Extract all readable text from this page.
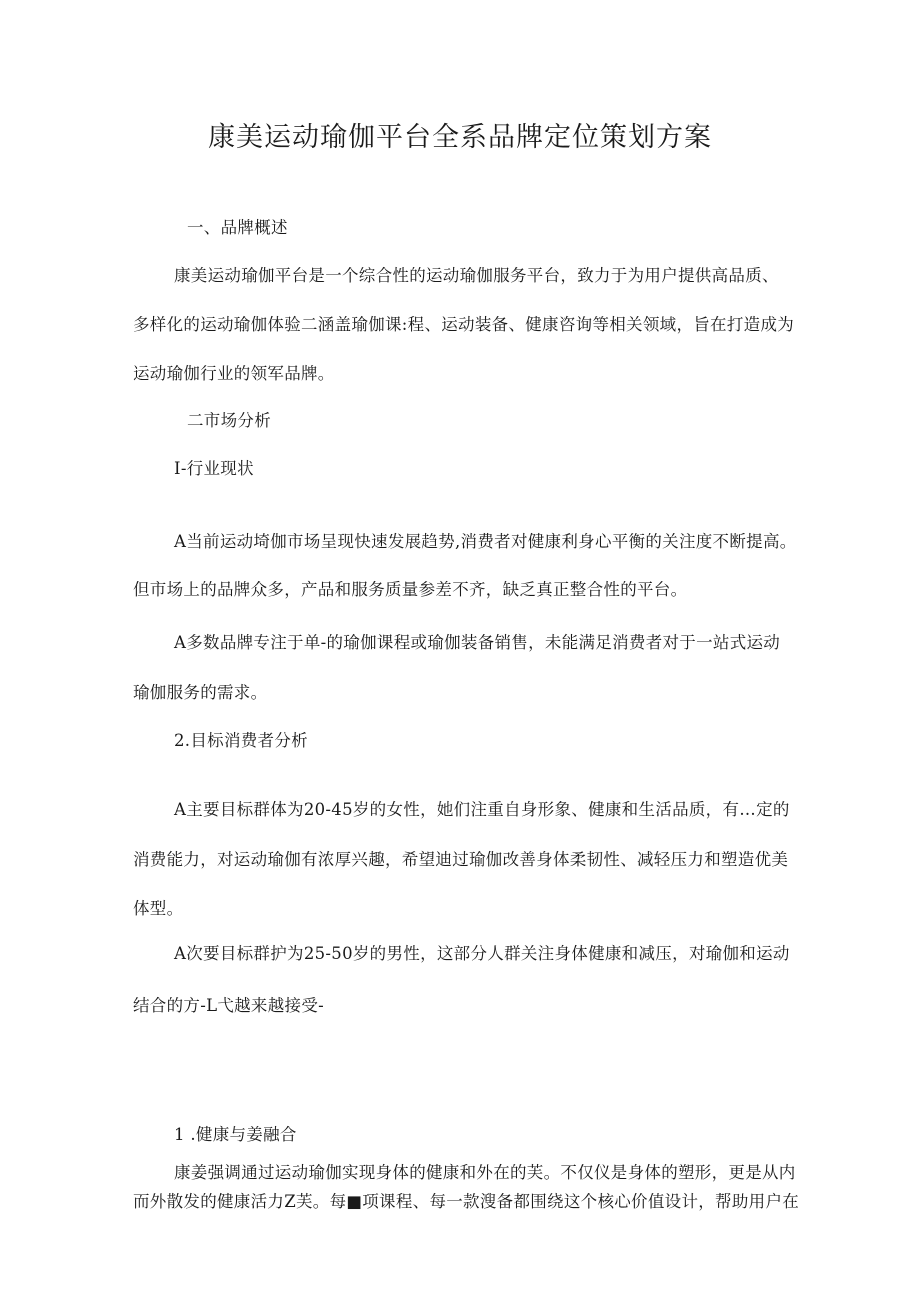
康美运动瑜伽平台全系品牌定位策划方案
一、品牌概述
康美运动瑜伽平台是一个综合性的运动瑜伽服务平台，致力于为用户提供高品质、
多样化的运动瑜伽体验二涵盖瑜伽课:程、运动装备、健康咨询等相关领域，旨在打造成为
运动瑜伽行业的领军品牌。
二市场分析
I-行业现状
A当前运动埼伽市场呈现快速发展趋势,消费者对健康利身心平衡的关注度不断提高。
但市场上的品牌众多，产品和服务质量参差不齐，缺乏真正整合性的平台。
A多数品牌专注于单-的瑜伽课程或瑜伽装备销售，未能满足消费者对于一站式运动
瑜伽服务的需求。
2.目标消费者分析
A主要目标群体为20-45岁的女性，她们注重自身形象、健康和生活品质，有…定的
消费能力，对运动瑜伽有浓厚兴趣，希望迪过瑜伽改善身体柔韧性、减轻压力和塑造优美
体型。
A次要目标群护为25-50岁的男性，这部分人群关注身体健康和减压，对瑜伽和运动
结合的方-L弋越来越接受-
1 .健康与姜融合
康姜强调通过运动瑜伽实现身体的健康和外在的芙。不仅仪是身体的塑形，更是从内
而外散发的健康活力Z芙。每■项课程、每一款溲备都围绕这个核心价值设计，帮助用户在
